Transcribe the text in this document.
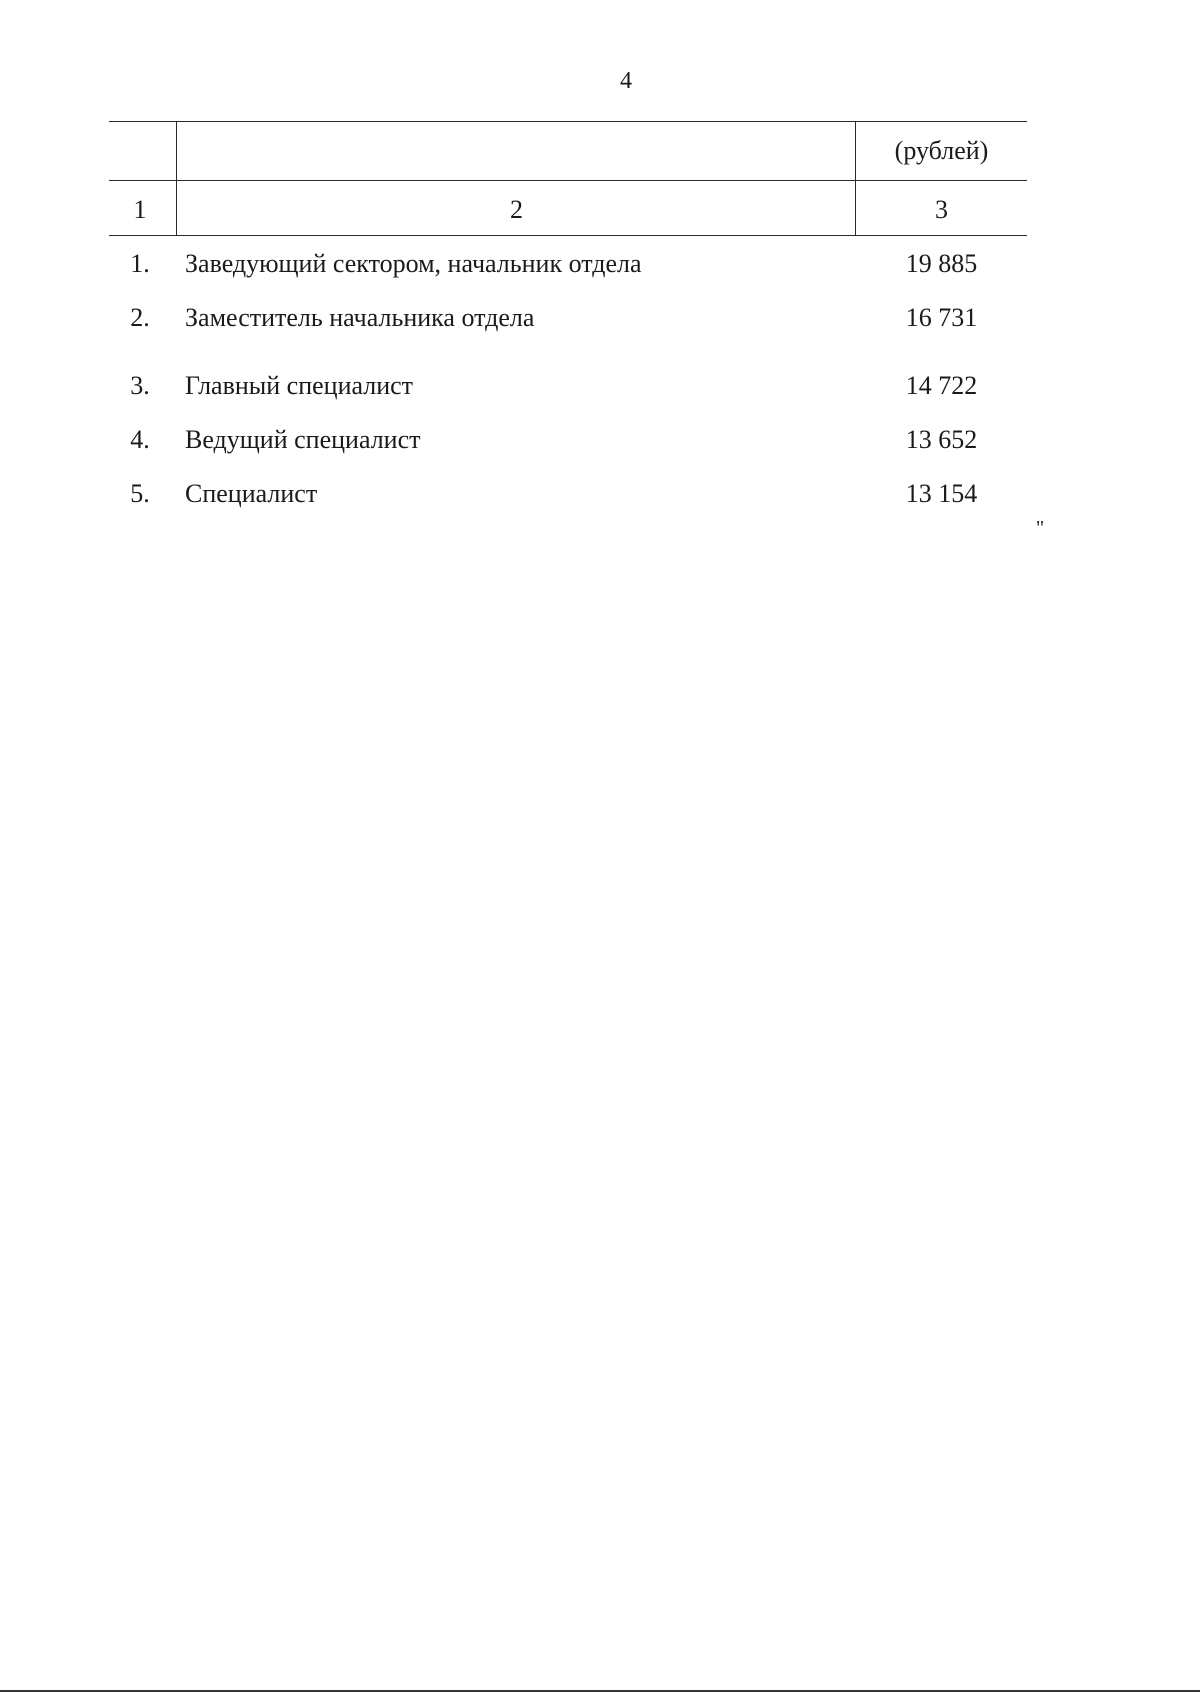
4
(рублей)
1	2	3
1.	Заведующий сектором, начальник отдела	19 885
2.	Заместитель начальника отдела	16 731
3.	Главный специалист	14 722
4.	Ведущий специалист	13 652
5.	Специалист	13 154
"
